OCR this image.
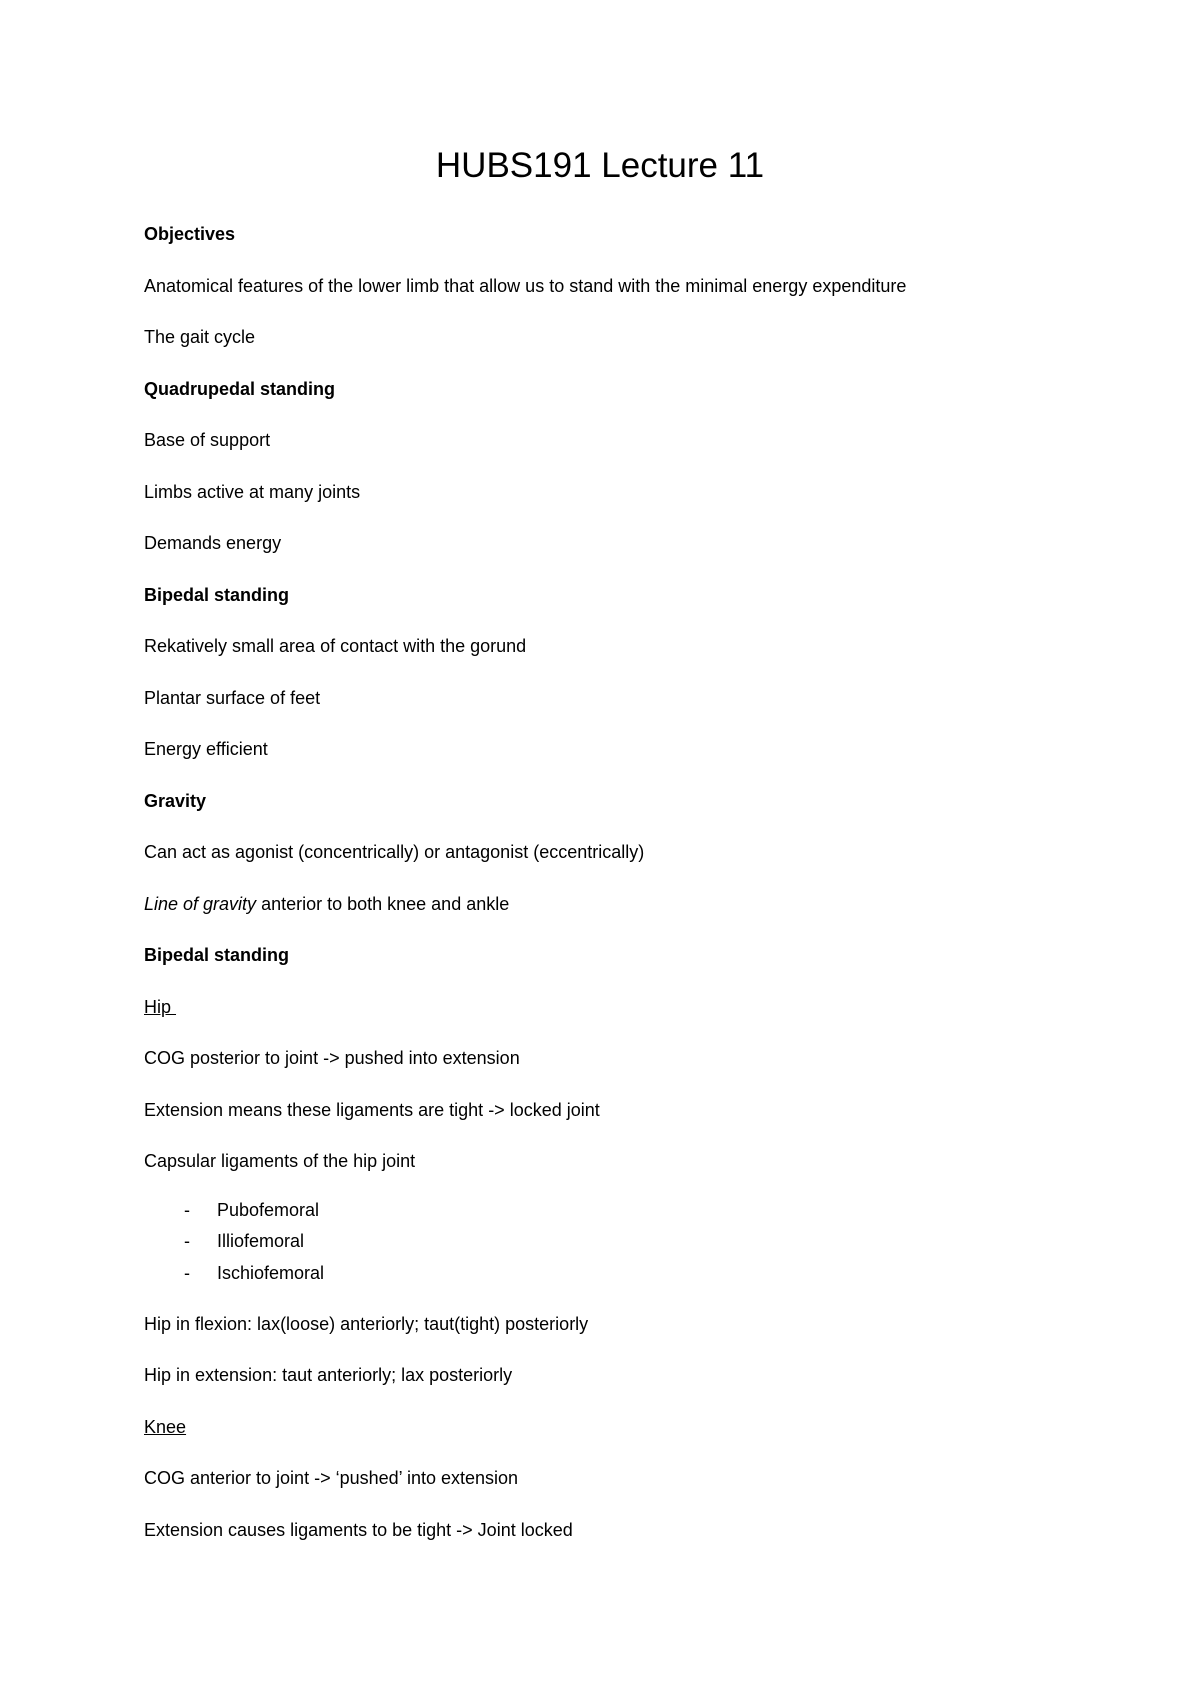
HUBS191 Lecture 11
Objectives
Anatomical features of the lower limb that allow us to stand with the minimal energy expenditure
The gait cycle
Quadrupedal standing
Base of support
Limbs active at many joints
Demands energy
Bipedal standing
Rekatively small area of contact with the gorund
Plantar surface of feet
Energy efficient
Gravity
Can act as agonist (concentrically) or antagonist (eccentrically)
Line of gravity anterior to both knee and ankle
Bipedal standing
Hip
COG posterior to joint -> pushed into extension
Extension means these ligaments are tight -> locked joint
Capsular ligaments of the hip joint
- Pubofemoral
- Illiofemoral
- Ischiofemoral
Hip in flexion: lax(loose) anteriorly; taut(tight) posteriorly
Hip in extension: taut anteriorly; lax posteriorly
Knee
COG anterior to joint -> ‘pushed’ into extension
Extension causes ligaments to be tight -> Joint locked
